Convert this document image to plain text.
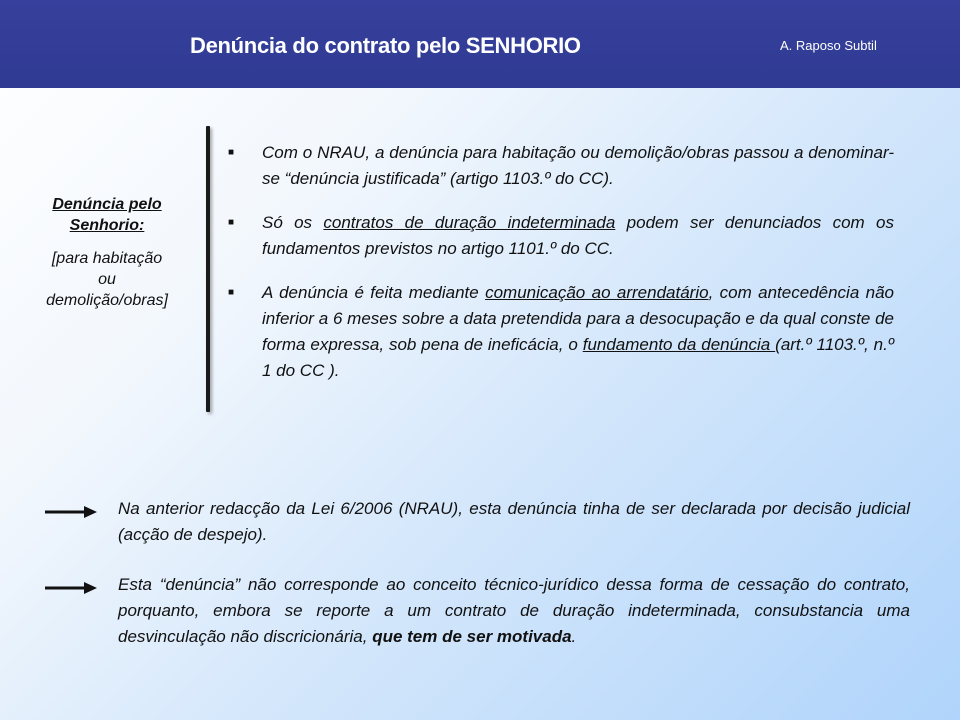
Denúncia do contrato pelo SENHORIO	A. Raposo Subtil
Denúncia pelo
Senhorio:
[para habitação
ou
demolição/obras]
■ Com o NRAU, a denúncia para habitação ou demolição/obras passou a denominar-se “denúncia justificada” (artigo 1103.º do CC).
■ Só os contratos de duração indeterminada podem ser denunciados com os fundamentos previstos no artigo 1101.º do CC.
■ A denúncia é feita mediante comunicação ao arrendatário, com antecedência não inferior a 6 meses sobre a data pretendida para a desocupação e da qual conste de forma expressa, sob pena de ineficácia, o fundamento da denúncia (art.º 1103.º, n.º 1 do CC ).
Na anterior redacção da Lei 6/2006 (NRAU), esta denúncia tinha de ser declarada por decisão judicial (acção de despejo).
Esta “denúncia” não corresponde ao conceito técnico-jurídico dessa forma de cessação do contrato, porquanto, embora se reporte a um contrato de duração indeterminada, consubstancia uma desvinculação não discricionária, que tem de ser motivada.
